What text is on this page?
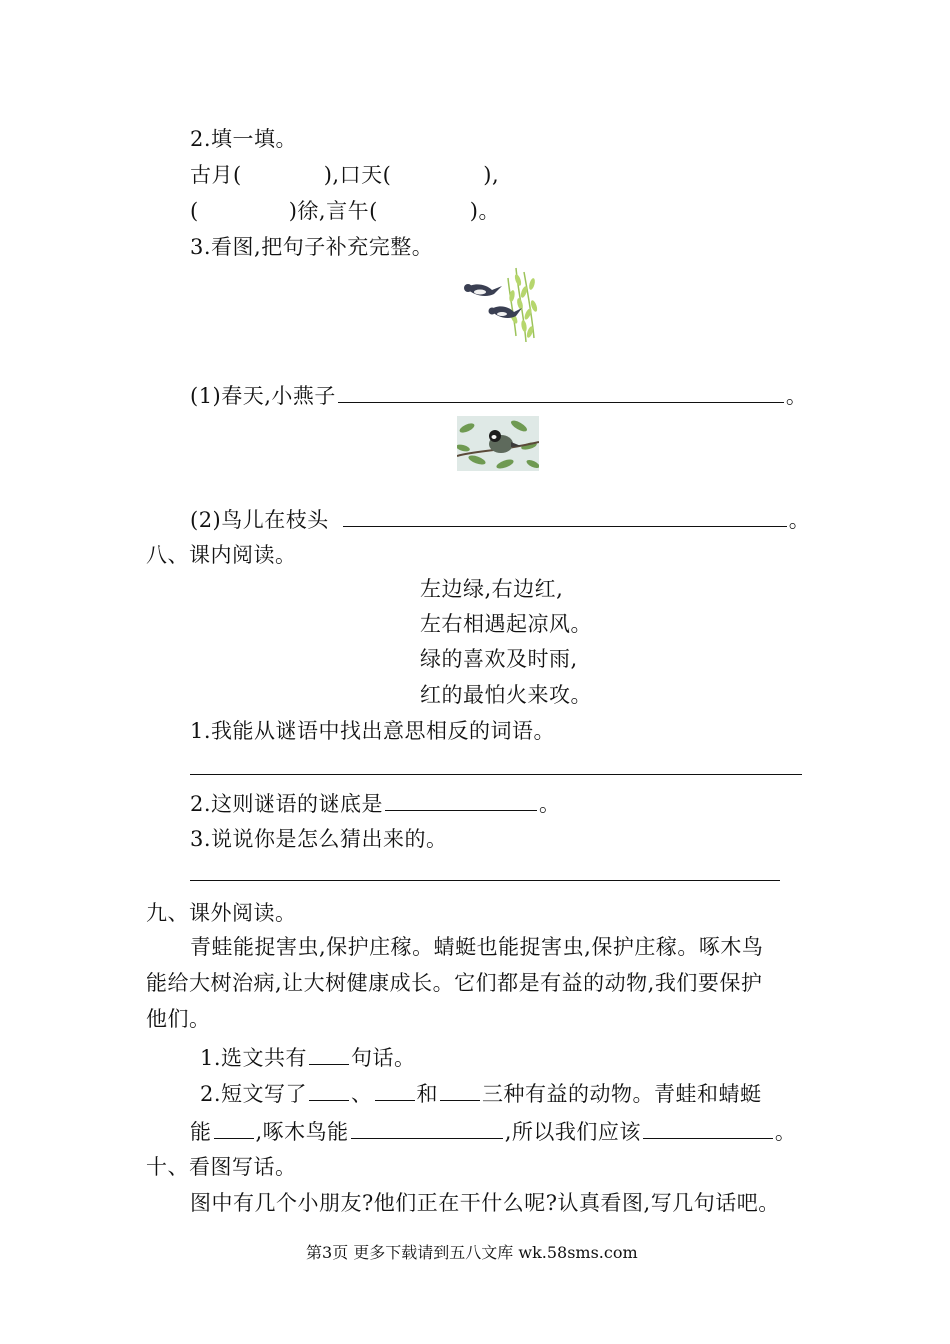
2.填一填。
古月(	),口天(	),
(	)徐,言午(	)。
3.看图,把句子补充完整。
(1)春天,小燕子	。
(2)鸟儿在枝头	。
八、课内阅读。
左边绿,右边红,
左右相遇起凉风。
绿的喜欢及时雨,
红的最怕火来攻。
1.我能从谜语中找出意思相反的词语。
2.这则谜语的谜底是	。
3.说说你是怎么猜出来的。
九、课外阅读。
青蛙能捉害虫,保护庄稼。蜻蜓也能捉害虫,保护庄稼。啄木鸟
能给大树治病,让大树健康成长。它们都是有益的动物,我们要保护
他们。
1.选文共有 句话。
2.短文写了 、 和 三种有益的动物。青蛙和蜻蜓
能 ,啄木鸟能	,所以我们应该	。
十、看图写话。
图中有几个小朋友?他们正在干什么呢?认真看图,写几句话吧。
第3页 更多下载请到五八文库 wk.58sms.com
